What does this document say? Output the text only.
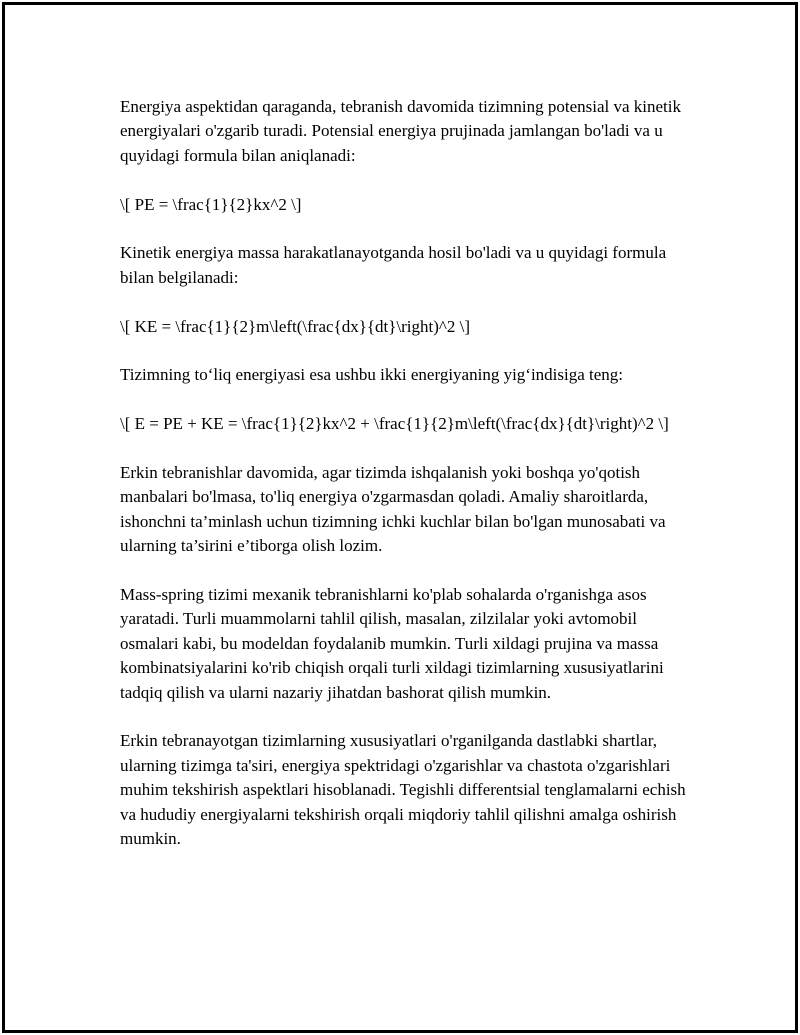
Energiya aspektidan qaraganda, tebranish davomida tizimning potensial va kinetik energiyalari o'zgarib turadi. Potensial energiya prujinada jamlangan bo'ladi va u quyidagi formula bilan aniqlanadi:

\[ PE = \frac{1}{2}kx^2 \]

Kinetik energiya massa harakatlanayotganda hosil bo'ladi va u quyidagi formula bilan belgilanadi:

\[ KE = \frac{1}{2}m\left(\frac{dx}{dt}\right)^2 \]

Tizimning to‘liq energiyasi esa ushbu ikki energiyaning yig‘indisiga teng:

\[ E = PE + KE = \frac{1}{2}kx^2 + \frac{1}{2}m\left(\frac{dx}{dt}\right)^2 \]

Erkin tebranishlar davomida, agar tizimda ishqalanish yoki boshqa yo'qotish manbalari bo'lmasa, to'liq energiya o'zgarmasdan qoladi. Amaliy sharoitlarda, ishonchni ta’minlash uchun tizimning ichki kuchlar bilan bo'lgan munosabati va ularning ta’sirini e’tiborga olish lozim.

Mass-spring tizimi mexanik tebranishlarni ko'plab sohalarda o'rganishga asos yaratadi. Turli muammolarni tahlil qilish, masalan, zilzilalar yoki avtomobil osmalari kabi, bu modeldan foydalanib mumkin. Turli xildagi prujina va massa kombinatsiyalarini ko'rib chiqish orqali turli xildagi tizimlarning xususiyatlarini tadqiq qilish va ularni nazariy jihatdan bashorat qilish mumkin.

Erkin tebranayotgan tizimlarning xususiyatlari o'rganilganda dastlabki shartlar, ularning tizimga ta'siri, energiya spektridagi o'zgarishlar va chastota o'zgarishlari muhim tekshirish aspektlari hisoblanadi. Tegishli differentsial tenglamalarni echish va hududiy energiyalarni tekshirish orqali miqdoriy tahlil qilishni amalga oshirish mumkin.
